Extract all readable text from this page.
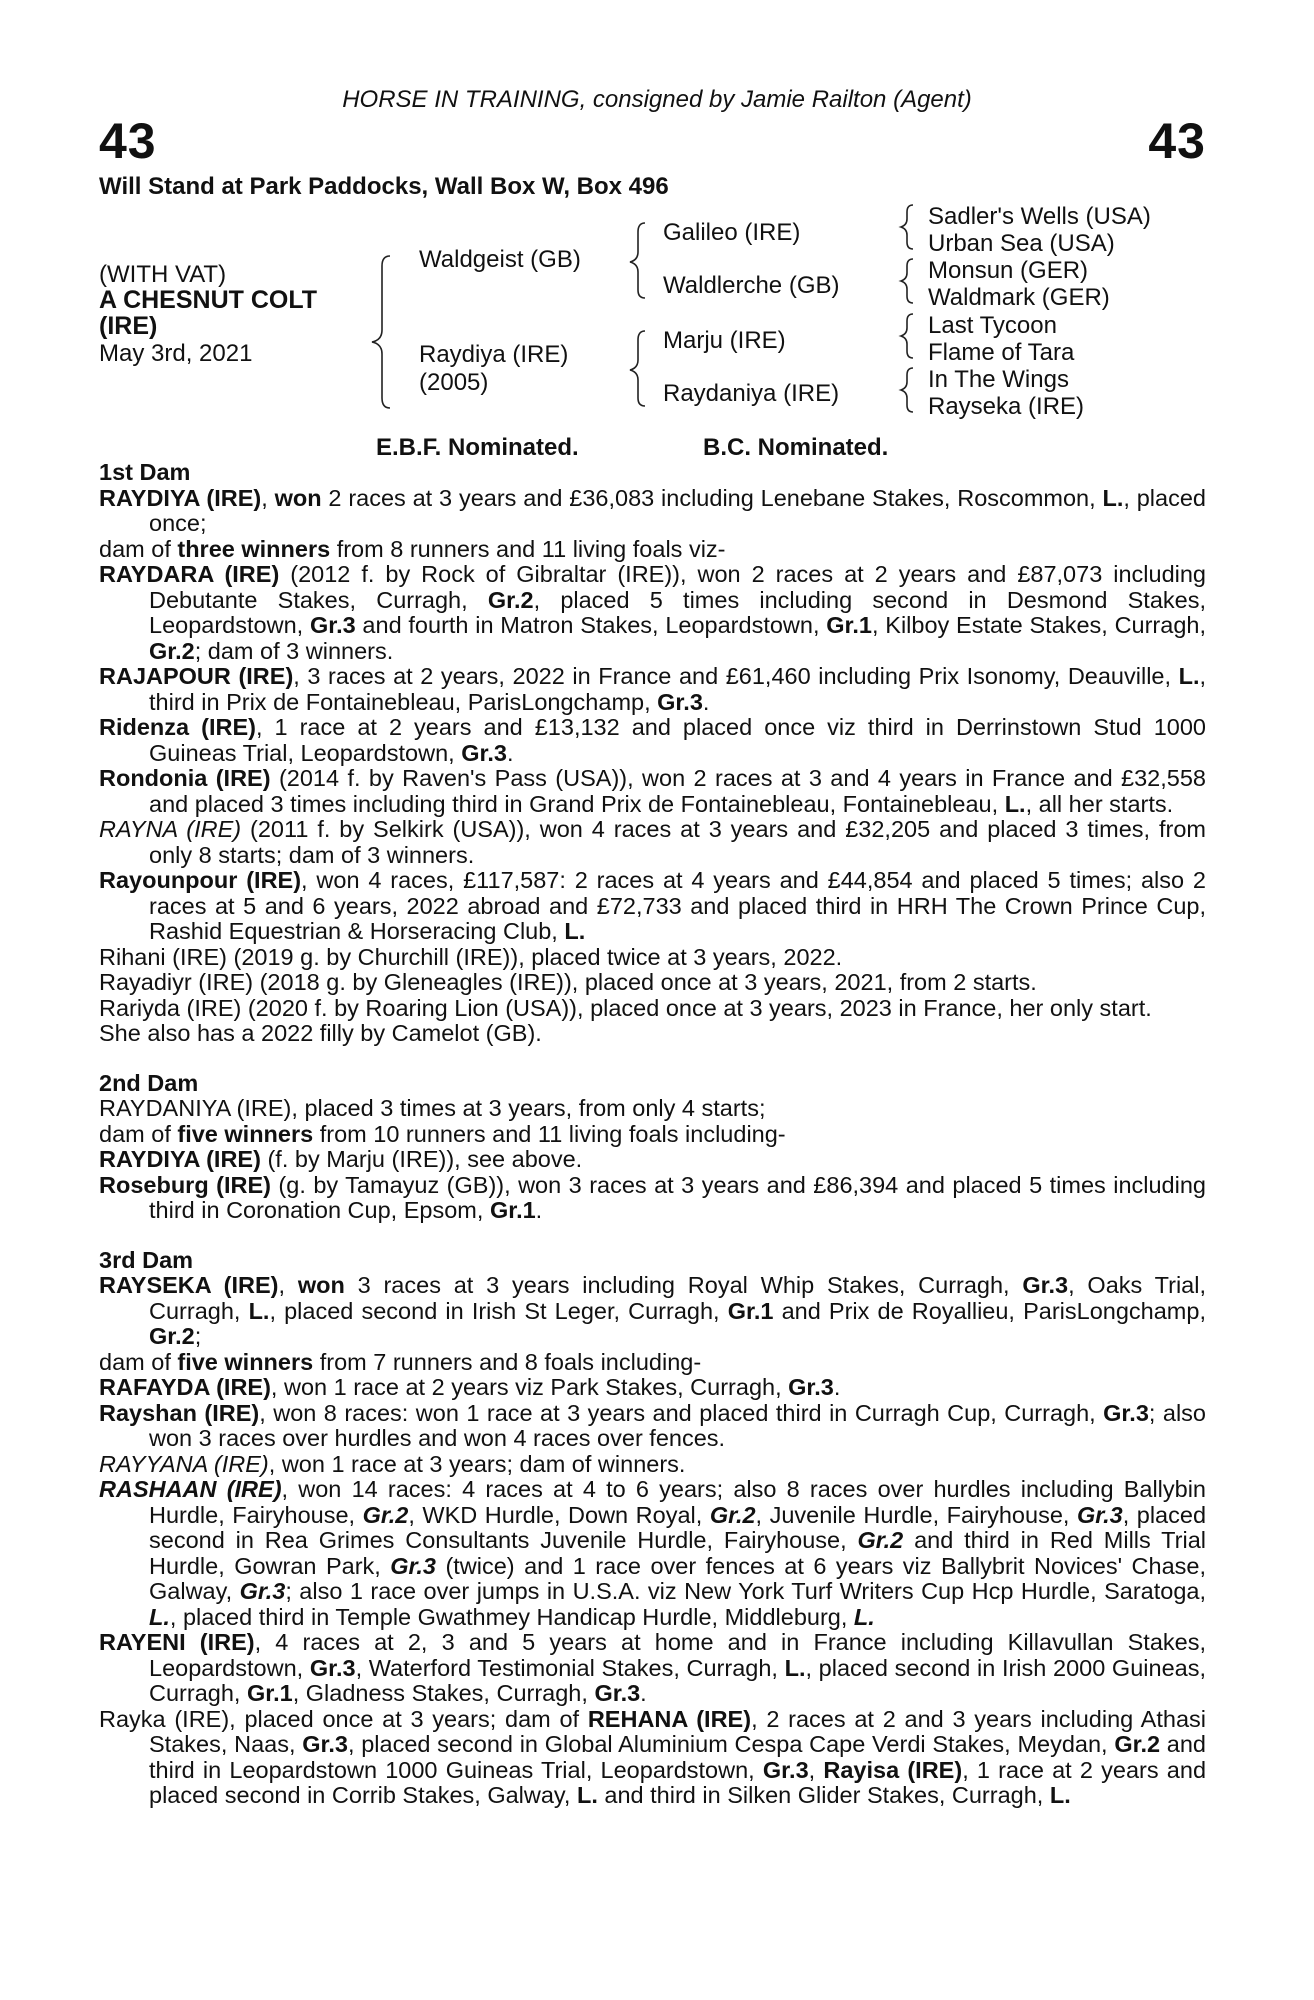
HORSE IN TRAINING, consigned by Jamie Railton (Agent)
43	43
Will Stand at Park Paddocks, Wall Box W, Box 496
(WITH VAT)
A CHESNUT COLT
(IRE)
May 3rd, 2021
Waldgeist (GB)
Raydiya (IRE)
(2005)
Galileo (IRE)
Waldlerche (GB)
Marju (IRE)
Raydaniya (IRE)
Sadler's Wells (USA)
Urban Sea (USA)
Monsun (GER)
Waldmark (GER)
Last Tycoon
Flame of Tara
In The Wings
Rayseka (IRE)
E.B.F. Nominated.	B.C. Nominated.
1st Dam
RAYDIYA (IRE), won 2 races at 3 years and £36,083 including Lenebane Stakes, Roscommon, L., placed once;
dam of three winners from 8 runners and 11 living foals viz-
RAYDARA (IRE) (2012 f. by Rock of Gibraltar (IRE)), won 2 races at 2 years and £87,073 including Debutante Stakes, Curragh, Gr.2, placed 5 times including second in Desmond Stakes, Leopardstown, Gr.3 and fourth in Matron Stakes, Leopardstown, Gr.1, Kilboy Estate Stakes, Curragh, Gr.2; dam of 3 winners.
RAJAPOUR (IRE), 3 races at 2 years, 2022 in France and £61,460 including Prix Isonomy, Deauville, L., third in Prix de Fontainebleau, ParisLongchamp, Gr.3.
Ridenza (IRE), 1 race at 2 years and £13,132 and placed once viz third in Derrinstown Stud 1000 Guineas Trial, Leopardstown, Gr.3.
Rondonia (IRE) (2014 f. by Raven's Pass (USA)), won 2 races at 3 and 4 years in France and £32,558 and placed 3 times including third in Grand Prix de Fontainebleau, Fontainebleau, L., all her starts.
RAYNA (IRE) (2011 f. by Selkirk (USA)), won 4 races at 3 years and £32,205 and placed 3 times, from only 8 starts; dam of 3 winners.
Rayounpour (IRE), won 4 races, £117,587: 2 races at 4 years and £44,854 and placed 5 times; also 2 races at 5 and 6 years, 2022 abroad and £72,733 and placed third in HRH The Crown Prince Cup, Rashid Equestrian & Horseracing Club, L.
Rihani (IRE) (2019 g. by Churchill (IRE)), placed twice at 3 years, 2022.
Rayadiyr (IRE) (2018 g. by Gleneagles (IRE)), placed once at 3 years, 2021, from 2 starts.
Rariyda (IRE) (2020 f. by Roaring Lion (USA)), placed once at 3 years, 2023 in France, her only start.
She also has a 2022 filly by Camelot (GB).
2nd Dam
RAYDANIYA (IRE), placed 3 times at 3 years, from only 4 starts;
dam of five winners from 10 runners and 11 living foals including-
RAYDIYA (IRE) (f. by Marju (IRE)), see above.
Roseburg (IRE) (g. by Tamayuz (GB)), won 3 races at 3 years and £86,394 and placed 5 times including third in Coronation Cup, Epsom, Gr.1.
3rd Dam
RAYSEKA (IRE), won 3 races at 3 years including Royal Whip Stakes, Curragh, Gr.3, Oaks Trial, Curragh, L., placed second in Irish St Leger, Curragh, Gr.1 and Prix de Royallieu, ParisLongchamp, Gr.2;
dam of five winners from 7 runners and 8 foals including-
RAFAYDA (IRE), won 1 race at 2 years viz Park Stakes, Curragh, Gr.3.
Rayshan (IRE), won 8 races: won 1 race at 3 years and placed third in Curragh Cup, Curragh, Gr.3; also won 3 races over hurdles and won 4 races over fences.
RAYYANA (IRE), won 1 race at 3 years; dam of winners.
RASHAAN (IRE), won 14 races: 4 races at 4 to 6 years; also 8 races over hurdles including Ballybin Hurdle, Fairyhouse, Gr.2, WKD Hurdle, Down Royal, Gr.2, Juvenile Hurdle, Fairyhouse, Gr.3, placed second in Rea Grimes Consultants Juvenile Hurdle, Fairyhouse, Gr.2 and third in Red Mills Trial Hurdle, Gowran Park, Gr.3 (twice) and 1 race over fences at 6 years viz Ballybrit Novices' Chase, Galway, Gr.3; also 1 race over jumps in U.S.A. viz New York Turf Writers Cup Hcp Hurdle, Saratoga, L., placed third in Temple Gwathmey Handicap Hurdle, Middleburg, L.
RAYENI (IRE), 4 races at 2, 3 and 5 years at home and in France including Killavullan Stakes, Leopardstown, Gr.3, Waterford Testimonial Stakes, Curragh, L., placed second in Irish 2000 Guineas, Curragh, Gr.1, Gladness Stakes, Curragh, Gr.3.
Rayka (IRE), placed once at 3 years; dam of REHANA (IRE), 2 races at 2 and 3 years including Athasi Stakes, Naas, Gr.3, placed second in Global Aluminium Cespa Cape Verdi Stakes, Meydan, Gr.2 and third in Leopardstown 1000 Guineas Trial, Leopardstown, Gr.3, Rayisa (IRE), 1 race at 2 years and placed second in Corrib Stakes, Galway, L. and third in Silken Glider Stakes, Curragh, L.
